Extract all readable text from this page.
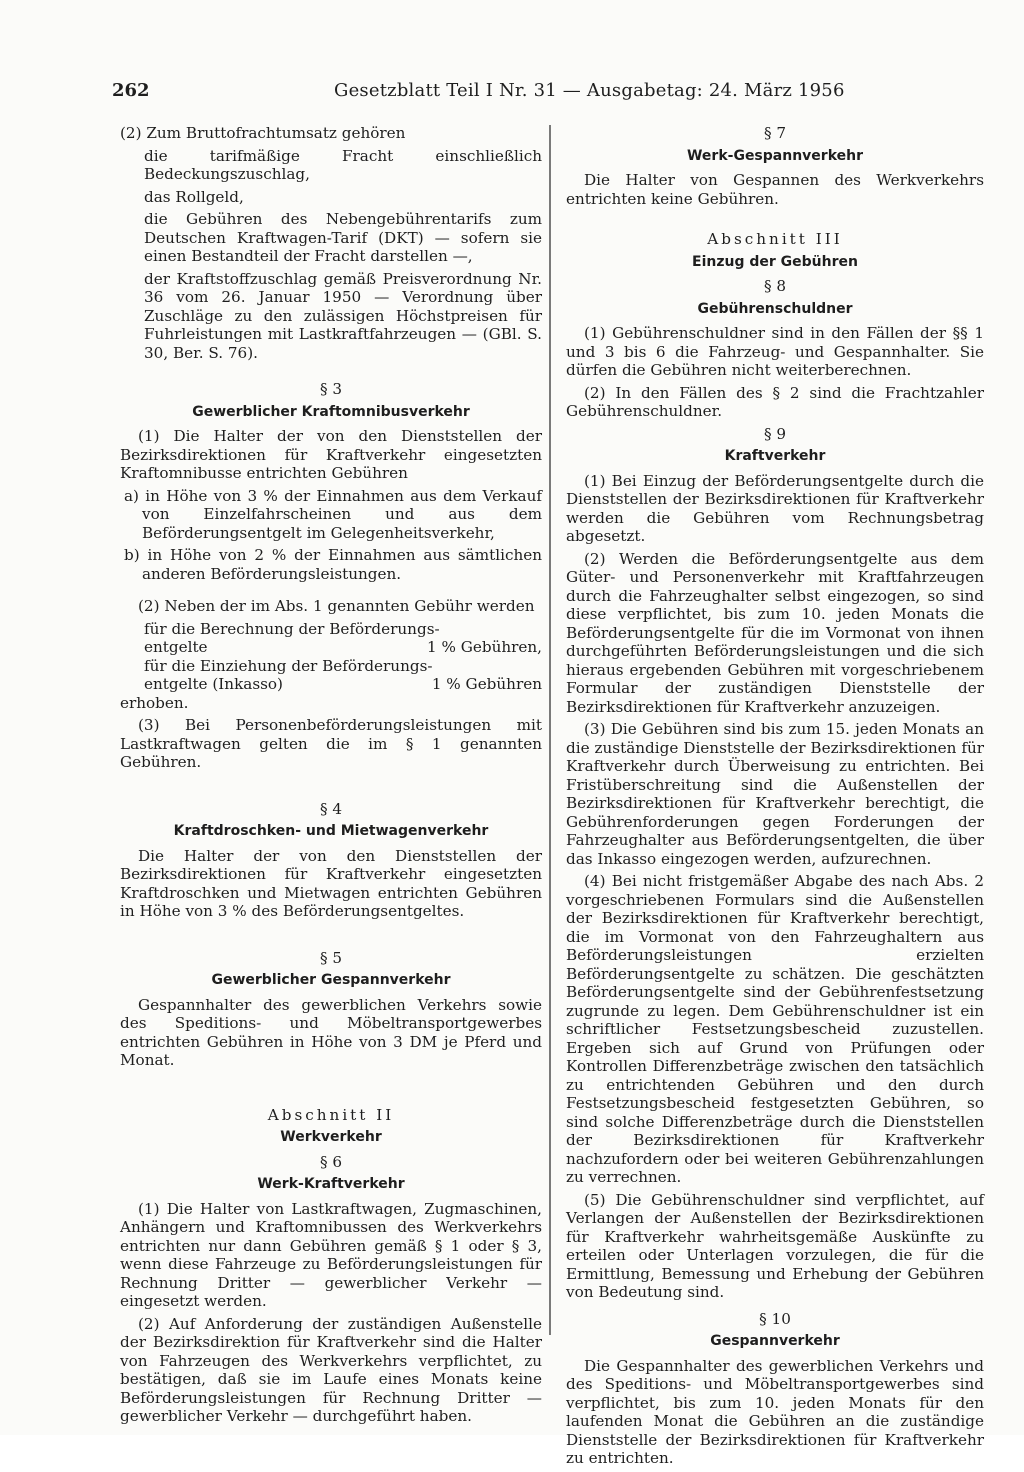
262	Gesetzblatt Teil I Nr. 31 — Ausgabetag: 24. März 1956

(2) Zum Bruttofrachtumsatz gehören

die tarifmäßige Fracht einschließlich Bedeckungszuschlag,

das Rollgeld,

die Gebühren des Nebengebührentarifs zum Deutschen Kraftwagen-Tarif (DKT) — sofern sie einen Bestandteil der Fracht darstellen —,

der Kraftstoffzuschlag gemäß Preisverordnung Nr. 36 vom 26. Januar 1950 — Verordnung über Zuschläge zu den zulässigen Höchstpreisen für Fuhrleistungen mit Lastkraftfahrzeugen — (GBl. S. 30, Ber. S. 76).

§ 3
Gewerblicher Kraftomnibusverkehr

(1) Die Halter der von den Dienststellen der Bezirksdirektionen für Kraftverkehr eingesetzten Kraftomnibusse entrichten Gebühren

a) in Höhe von 3 % der Einnahmen aus dem Verkauf von Einzelfahrscheinen und aus dem Beförderungsentgelt im Gelegenheitsverkehr,

b) in Höhe von 2 % der Einnahmen aus sämtlichen anderen Beförderungsleistungen.

(2) Neben der im Abs. 1 genannten Gebühr werden

für die Berechnung der Beförderungs-

entgelte	1 % Gebühren,

für die Einziehung der Beförderungs-

entgelte (Inkasso)	1 % Gebühren

erhoben.

(3) Bei Personenbeförderungsleistungen mit Lastkraftwagen gelten die im § 1 genannten Gebühren.

§ 4
Kraftdroschken- und Mietwagenverkehr

Die Halter der von den Dienststellen der Bezirksdirektionen für Kraftverkehr eingesetzten Kraftdroschken und Mietwagen entrichten Gebühren in Höhe von 3 % des Beförderungsentgeltes.

§ 5
Gewerblicher Gespannverkehr

Gespannhalter des gewerblichen Verkehrs sowie des Speditions- und Möbeltransportgewerbes entrichten Gebühren in Höhe von 3 DM je Pferd und Monat.

Abschnitt II
Werkverkehr
§ 6
Werk-Kraftverkehr

(1) Die Halter von Lastkraftwagen, Zugmaschinen, Anhängern und Kraftomnibussen des Werkverkehrs entrichten nur dann Gebühren gemäß § 1 oder § 3, wenn diese Fahrzeuge zu Beförderungsleistungen für Rechnung Dritter — gewerblicher Verkehr — eingesetzt werden.

(2) Auf Anforderung der zuständigen Außenstelle der Bezirksdirektion für Kraftverkehr sind die Halter von Fahrzeugen des Werkverkehrs verpflichtet, zu bestätigen, daß sie im Laufe eines Monats keine Beförderungsleistungen für Rechnung Dritter — gewerblicher Verkehr — durchgeführt haben.

§ 7
Werk-Gespannverkehr

Die Halter von Gespannen des Werkverkehrs entrichten keine Gebühren.

Abschnitt III
Einzug der Gebühren
§ 8
Gebührenschuldner

(1) Gebührenschuldner sind in den Fällen der §§ 1 und 3 bis 6 die Fahrzeug- und Gespannhalter. Sie dürfen die Gebühren nicht weiterberechnen.

(2) In den Fällen des § 2 sind die Frachtzahler Gebührenschuldner.

§ 9
Kraftverkehr

(1) Bei Einzug der Beförderungsentgelte durch die Dienststellen der Bezirksdirektionen für Kraftverkehr werden die Gebühren vom Rechnungsbetrag abgesetzt.

(2) Werden die Beförderungsentgelte aus dem Güter- und Personenverkehr mit Kraftfahrzeugen durch die Fahrzeughalter selbst eingezogen, so sind diese verpflichtet, bis zum 10. jeden Monats die Beförderungsentgelte für die im Vormonat von ihnen durchgeführten Beförderungsleistungen und die sich hieraus ergebenden Gebühren mit vorgeschriebenem Formular der zuständigen Dienststelle der Bezirksdirektionen für Kraftverkehr anzuzeigen.

(3) Die Gebühren sind bis zum 15. jeden Monats an die zuständige Dienststelle der Bezirksdirektionen für Kraftverkehr durch Überweisung zu entrichten. Bei Fristüberschreitung sind die Außenstellen der Bezirksdirektionen für Kraftverkehr berechtigt, die Gebührenforderungen gegen Forderungen der Fahrzeughalter aus Beförderungsentgelten, die über das Inkasso eingezogen werden, aufzurechnen.

(4) Bei nicht fristgemäßer Abgabe des nach Abs. 2 vorgeschriebenen Formulars sind die Außenstellen der Bezirksdirektionen für Kraftverkehr berechtigt, die im Vormonat von den Fahrzeughaltern aus Beförderungsleistungen erzielten Beförderungsentgelte zu schätzen. Die geschätzten Beförderungsentgelte sind der Gebührenfestsetzung zugrunde zu legen. Dem Gebührenschuldner ist ein schriftlicher Festsetzungsbescheid zuzustellen. Ergeben sich auf Grund von Prüfungen oder Kontrollen Differenzbeträge zwischen den tatsächlich zu entrichtenden Gebühren und den durch Festsetzungsbescheid festgesetzten Gebühren, so sind solche Differenzbeträge durch die Dienststellen der Bezirksdirektionen für Kraftverkehr nachzufordern oder bei weiteren Gebührenzahlungen zu verrechnen.

(5) Die Gebührenschuldner sind verpflichtet, auf Verlangen der Außenstellen der Bezirksdirektionen für Kraftverkehr wahrheitsgemäße Auskünfte zu erteilen oder Unterlagen vorzulegen, die für die Ermittlung, Bemessung und Erhebung der Gebühren von Bedeutung sind.

§ 10
Gespannverkehr

Die Gespannhalter des gewerblichen Verkehrs und des Speditions- und Möbeltransportgewerbes sind verpflichtet, bis zum 10. jeden Monats für den laufenden Monat die Gebühren an die zuständige Dienststelle der Bezirksdirektionen für Kraftverkehr zu entrichten.
